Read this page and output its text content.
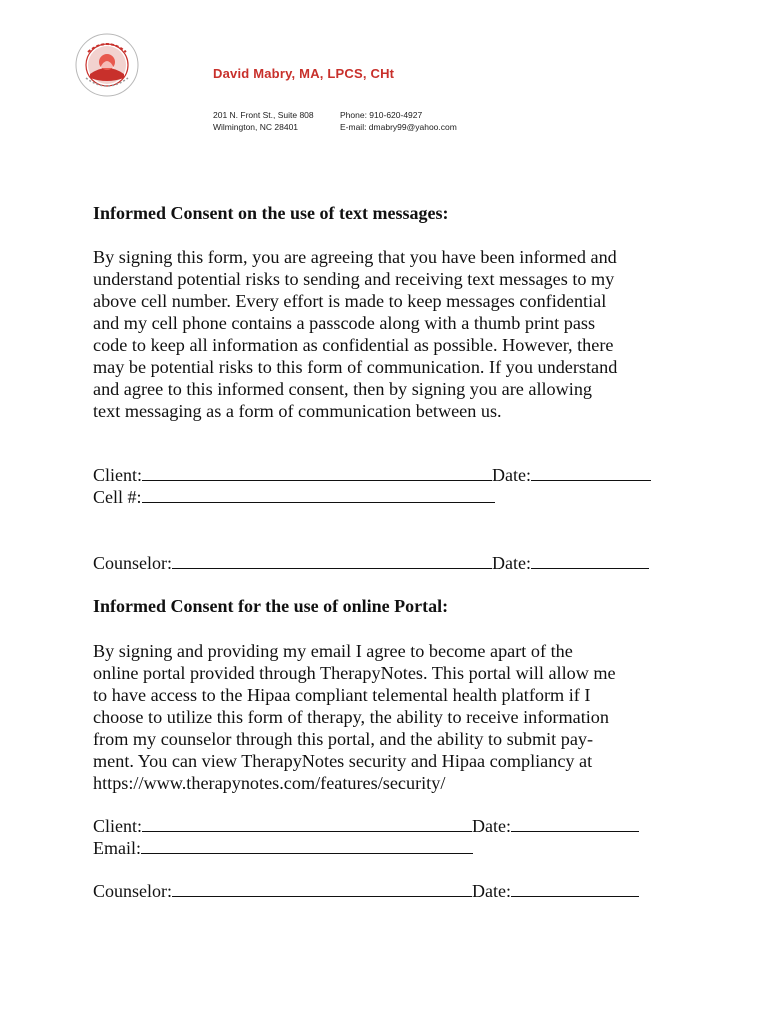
David Mabry, MA, LPCS, CHt
201 N. Front St., Suite 808
Wilmington, NC 28401
Phone: 910-620-4927
E-mail: dmabry99@yahoo.com
Informed Consent on the use of text messages:
By signing this form, you are agreeing that you have been informed and
understand potential risks to sending and receiving text messages to my
above cell number. Every effort is made to keep messages confidential
and my cell phone contains a passcode along with a thumb print pass
code to keep all information as confidential as possible. However, there
may be potential risks to this form of communication. If you understand
and agree to this informed consent, then by signing you are allowing
text messaging as a form of communication between us.
Client:	Date:
Cell #:
Counselor:	Date:
Informed Consent for the use of online Portal:
By signing and providing my email I agree to become apart of the
online portal provided through TherapyNotes. This portal will allow me
to have access to the Hipaa compliant telemental health platform if I
choose to utilize this form of therapy, the ability to receive information
from my counselor through this portal, and the ability to submit pay-
ment. You can view TherapyNotes security and Hipaa compliancy at
https://www.therapynotes.com/features/security/
Client:	Date:
Email:
Counselor:	Date:
